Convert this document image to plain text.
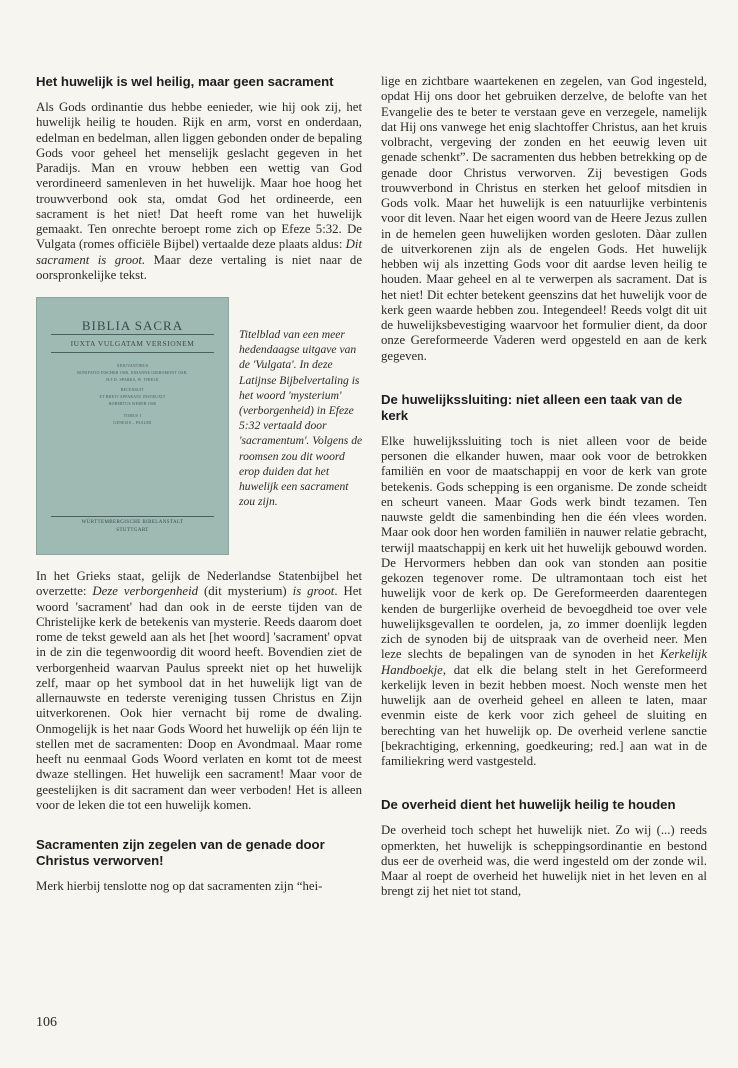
Het huwelijk is wel heilig, maar geen sacrament

Als Gods ordinantie dus hebbe eenieder, wie hij ook zij, het huwelijk heilig te houden. Rijk en arm, vorst en onderdaan, edelman en bedelman, allen liggen gebonden onder de bepaling Gods voor geheel het menselijk geslacht gegeven in het Paradijs. Man en vrouw hebben een wettig van God verordineerd samenleven in het huwelijk. Maar hoe hoog het trouwverbond ook sta, omdat God het ordineerde, een sacrament is het niet! Dat heeft rome van het huwelijk gemaakt. Ten onrechte beroept rome zich op Efeze 5:32. De Vulgata (romes officiële Bijbel) vertaalde deze plaats aldus: Dit sacrament is groot. Maar deze vertaling is niet naar de oorspronkelijke tekst.

BIBLIA SACRA
IUXTA VULGATAM VERSIONEM
ADIUVANTIBUS
BONIFATIO FISCHER OSB, IOHANNE GRIBOMONT OSB,
H.F.D. SPARKS, W. THIELE
RECENSUIT
ET BREVI APPARATU INSTRUXIT
ROBERTUS WEBER OSB
TOMUS I
GENESIS – PSALMI
WÜRTTEMBERGISCHE BIBELANSTALT
STUTTGART
Titelblad van een meer hedendaagse uitgave van de 'Vulgata'. In deze Latijnse Bijbelvertaling is het woord 'mysterium' (verborgenheid) in Efeze 5:32 vertaald door 'sacramentum'. Volgens de roomsen zou dit woord erop duiden dat het huwelijk een sacrament zou zijn.

In het Grieks staat, gelijk de Nederlandse Statenbijbel het overzette: Deze verborgenheid (dit mysterium) is groot. Het woord 'sacrament' had dan ook in de eerste tijden van de Christelijke kerk de betekenis van mysterie. Reeds daarom doet rome de tekst geweld aan als het [het woord] 'sacrament' opvat in de zin die tegenwoordig dit woord heeft. Bovendien ziet de verborgenheid waarvan Paulus spreekt niet op het huwelijk zelf, maar op het symbool dat in het huwelijk ligt van de allernauwste en tederste vereniging tussen Christus en Zijn uitverkorenen. Ook hier vernacht bij rome de dwaling. Onmogelijk is het naar Gods Woord het huwelijk op één lijn te stellen met de sacramenten: Doop en Avondmaal. Maar rome heeft nu eenmaal Gods Woord verlaten en komt tot de meest dwaze stellingen. Het huwelijk een sacrament! Maar voor de geestelijken is dit sacrament dan weer verboden! Het is alleen voor de leken die tot een huwelijk komen.

Sacramenten zijn zegelen van de genade door Christus verworven!

Merk hierbij tenslotte nog op dat sacramenten zijn “hei-

lige en zichtbare waartekenen en zegelen, van God ingesteld, opdat Hij ons door het gebruiken derzelve, de belofte van het Evangelie des te beter te verstaan geve en verzegele, namelijk dat Hij ons vanwege het enig slachtoffer Christus, aan het kruis volbracht, vergeving der zonden en het eeuwig leven uit genade schenkt”. De sacramenten dus hebben betrekking op de genade door Christus verworven. Zij bevestigen Gods trouwverbond in Christus en sterken het geloof mitsdien in Gods volk. Maar het huwelijk is een natuurlijke verbintenis voor dit leven. Naar het eigen woord van de Heere Jezus zullen in de hemelen geen huwelijken worden gesloten. Dàar zullen de uitverkorenen zijn als de engelen Gods. Het huwelijk hebben wij als inzetting Gods voor dit aardse leven heilig te houden. Maar geheel en al te verwerpen als sacrament. Dat is het niet! Dit echter betekent geenszins dat het huwelijk voor de kerk geen waarde hebben zou. Integendeel! Reeds volgt dit uit de huwelijksbevestiging waarvoor het formulier dient, da door onze Gereformeerde Vaderen werd opgesteld en aan de kerk gegeven.

De huwelijkssluiting: niet alleen een taak van de kerk

Elke huwelijkssluiting toch is niet alleen voor de beide personen die elkander huwen, maar ook voor de betrokken familiën en voor de maatschappij en voor de kerk van grote betekenis. Gods schepping is een organisme. De zonde scheidt en scheurt vaneen. Maar Gods werk bindt tezamen. Ten nauwste geldt die samenbinding hen die één vlees worden. Maar ook door hen worden familiën in nauwer relatie gebracht, terwijl maatschappij en kerk uit het huwelijk gebouwd worden. De Hervormers hebben dan ook van stonden aan positie gekozen tegenover rome. De ultramontaan toch eist het huwelijk voor de kerk op. De Gereformeerden daarentegen kenden de burgerlijke overheid de bevoegdheid toe over vele huwelijksgevallen te oordelen, ja, zo immer doenlijk legden zich de synoden bij de uitspraak van de overheid neer. Men leze slechts de bepalingen van de synoden in het Kerkelijk Handboekje, dat elk die belang stelt in het Gereformeerd kerkelijk leven in bezit hebben moest. Noch wenste men het huwelijk aan de overheid geheel en alleen te laten, maar evenmin eiste de kerk voor zich geheel de sluiting en berechting van het huwelijk op. De overheid verlene sanctie [bekrachtiging, erkenning, goedkeuring; red.] aan wat in de familiekring werd vastgesteld.

De overheid dient het huwelijk heilig te houden

De overheid toch schept het huwelijk niet. Zo wij (...) reeds opmerkten, het huwelijk is scheppingsordinantie en bestond dus eer de overheid was, die werd ingesteld om der zonde wil. Maar al roept de overheid het huwelijk niet in het leven en al brengt zij het niet tot stand,

106
